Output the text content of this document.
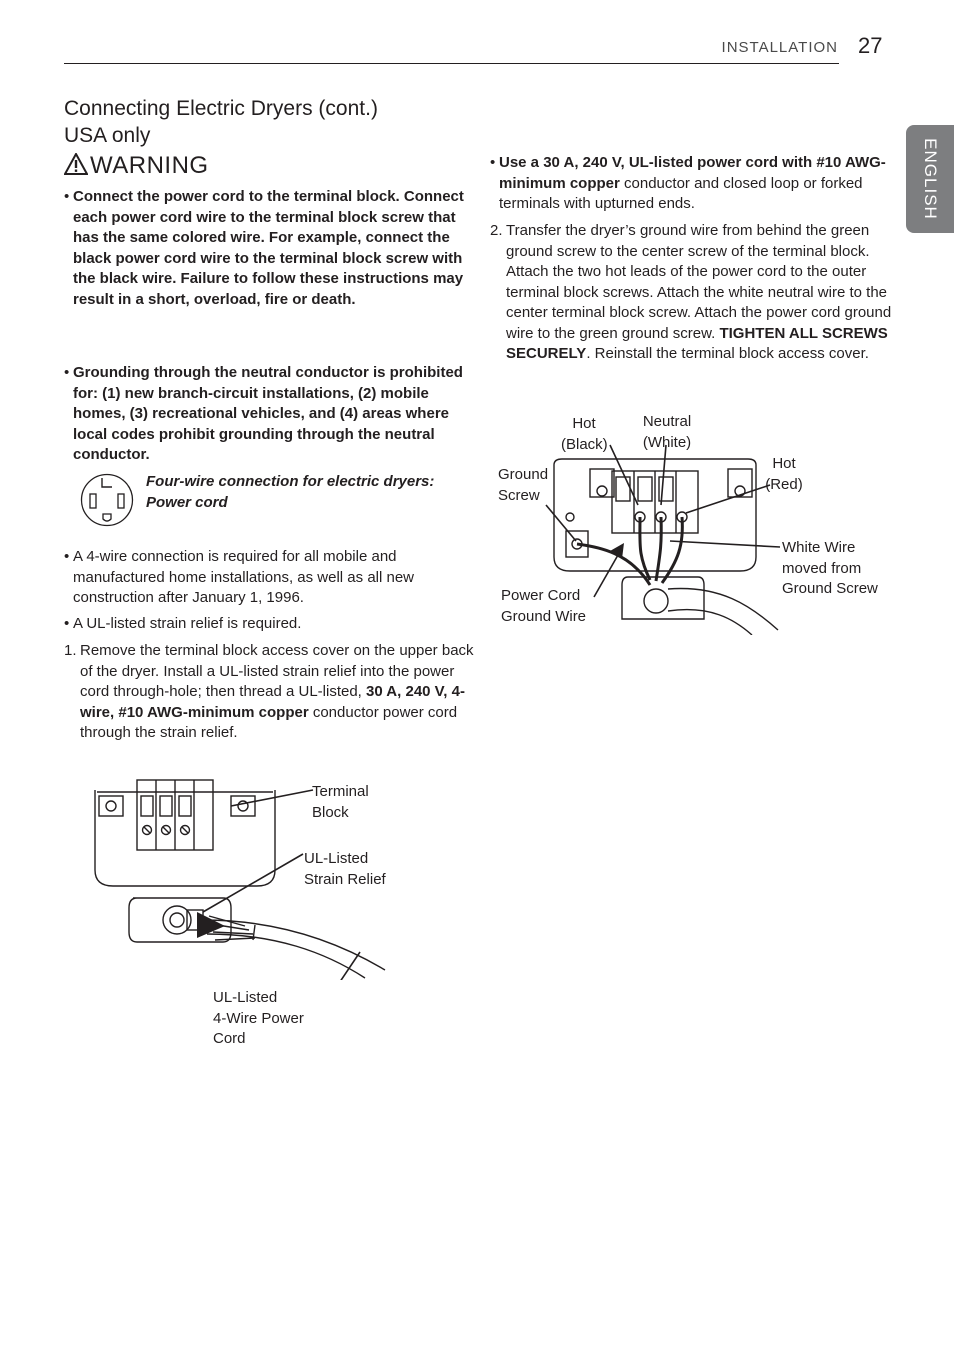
INSTALLATION 27
ENGLISH
Connecting Electric Dryers (cont.)
USA only
WARNING
• Connect the power cord to the terminal block. Connect each power cord wire to the terminal block screw that has the same colored wire. For example, connect the black power cord wire to the terminal block screw with the black wire. Failure to follow these instructions may result in a short, overload, fire or death.
• Grounding through the neutral conductor is prohibited for: (1) new branch-circuit installations, (2) mobile homes, (3) recreational vehicles, and (4) areas where local codes prohibit grounding through the neutral conductor.
Four-wire connection for electric dryers: Power cord
• A 4-wire connection is required for all mobile and manufactured home installations, as well as all new construction after January 1, 1996.
• A UL-listed strain relief is required.
1. Remove the terminal block access cover on the upper back of the dryer. Install a UL-listed strain relief into the power cord through-hole; then thread a UL-listed, 30 A, 240 V, 4-wire, #10 AWG-minimum copper conductor power cord through the strain relief.
Terminal
Block
UL-Listed
Strain Relief
UL-Listed
4-Wire Power
Cord
• Use a 30 A, 240 V, UL-listed power cord with #10 AWG-minimum copper conductor and closed loop or forked terminals with upturned ends.
2. Transfer the dryer’s ground wire from behind the green ground screw to the center screw of the terminal block. Attach the two hot leads of the power cord to the outer terminal block screws. Attach the white neutral wire to the center terminal block screw. Attach the power cord ground wire to the green ground screw. TIGHTEN ALL SCREWS SECURELY. Reinstall the terminal block access cover.
Hot
(Black)
Neutral
(White)
Hot
(Red)
Ground
Screw
White Wire
moved from
Ground Screw
Power Cord
Ground Wire
